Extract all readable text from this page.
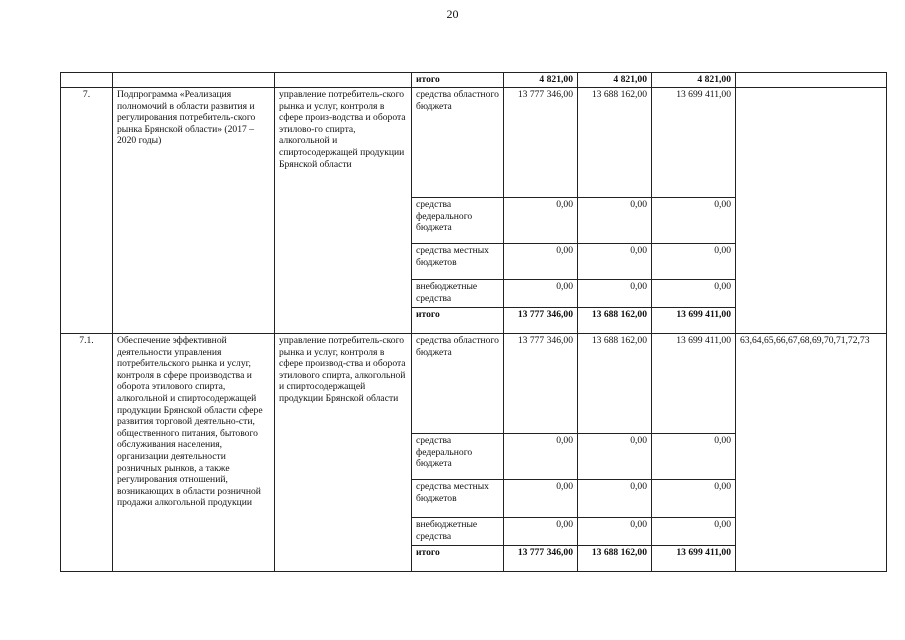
20
			итого	4 821,00	4 821,00	4 821,00	
7.	Подпрограмма «Реализация полномочий в области развития и регулирования потребитель-ского рынка Брянской области» (2017 – 2020 годы)	управление потребитель-ского рынка и услуг, контроля в сфере произ-водства и оборота этилово-го спирта, алкогольной и спиртосодержащей продукции Брянской области	средства областного бюджета	13 777 346,00	13 688 162,00	13 699 411,00	
			средства федерального бюджета	0,00	0,00	0,00	
			средства местных бюджетов	0,00	0,00	0,00	
			внебюджетные средства	0,00	0,00	0,00	
			итого	13 777 346,00	13 688 162,00	13 699 411,00	
7.1.	Обеспечение эффективной деятельности управления потребительского рынка и услуг, контроля в сфере производства и оборота этилового спирта, алкогольной и спиртосодержащей продукции Брянской области сфере развития торговой деятельно-сти, общественного питания, бытового обслуживания населения, организации деятельности розничных рынков, а также регулирования отношений, возникающих в области розничной продажи алкогольной продукции	управление потребитель-ского рынка и услуг, контроля в сфере производ-ства и оборота этилового спирта, алкогольной и спиртосодержащей продукции Брянской области	средства областного бюджета	13 777 346,00	13 688 162,00	13 699 411,00	63,64,65,66,67,68,69,70,71,72,73
			средства федерального бюджета	0,00	0,00	0,00	
			средства местных бюджетов	0,00	0,00	0,00	
			внебюджетные средства	0,00	0,00	0,00	
			итого	13 777 346,00	13 688 162,00	13 699 411,00	
